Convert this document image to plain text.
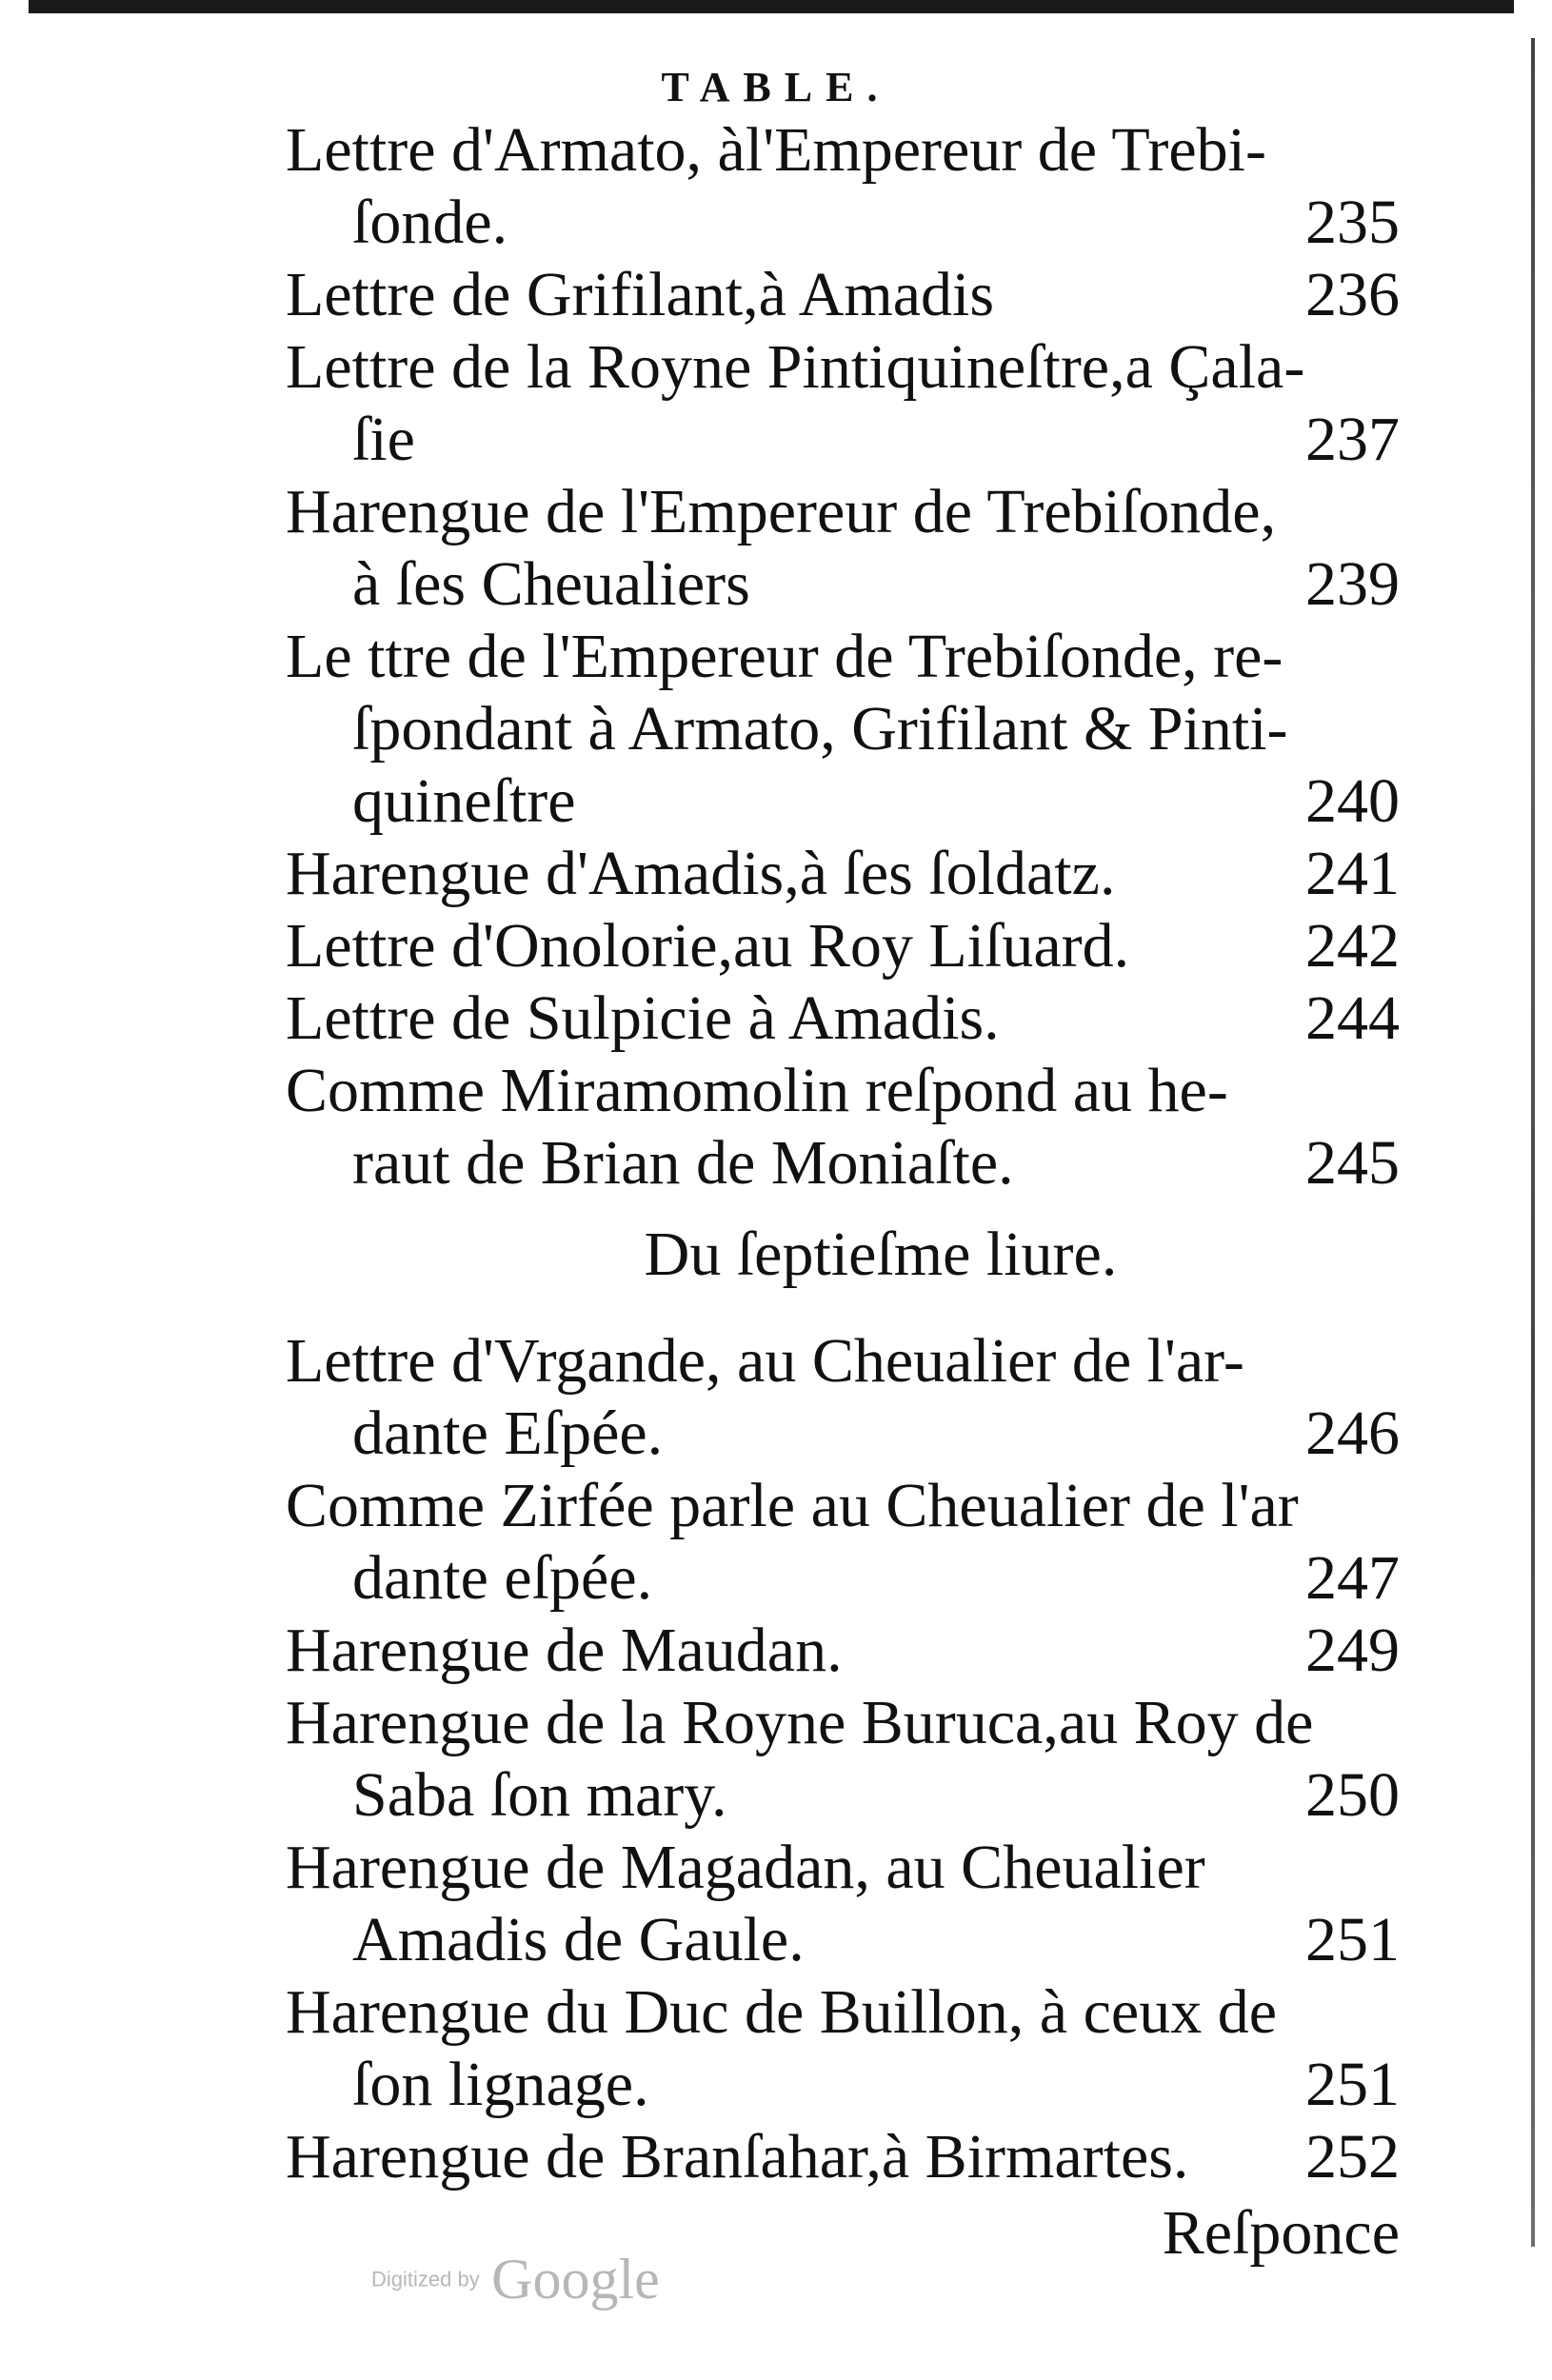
TABLE.
Lettre d'Armato, àl'Empereur de Trebi-
ſonde.	235
Lettre de Grifilant,à Amadis	236
Lettre de la Royne Pintiquineſtre,a Çala-
ſie	237
Harengue de l'Empereur de Trebiſonde,
à ſes Cheualiers	239
Le ttre de l'Empereur de Trebiſonde, re-
ſpondant à Armato, Grifilant & Pinti-
quineſtre	240
Harengue d'Amadis,à ſes ſoldatz.	241
Lettre d'Onolorie,au Roy Liſuard.	242
Lettre de Sulpicie à Amadis.	244
Comme Miramomolin reſpond au he-
raut de Brian de Moniaſte.	245
Du ſeptieſme liure.
Lettre d'Vrgande, au Cheualier de l'ar-
dante Eſpée.	246
Comme Zirfée parle au Cheualier de l'ar
dante eſpée.	247
Harengue de Maudan.	249
Harengue de la Royne Buruca,au Roy de
Saba ſon mary.	250
Harengue de Magadan, au Cheualier
Amadis de Gaule.	251
Harengue du Duc de Buillon, à ceux de
ſon lignage.	251
Harengue de Branſahar,à Birmartes.	252
Reſponce
Digitized by Google
